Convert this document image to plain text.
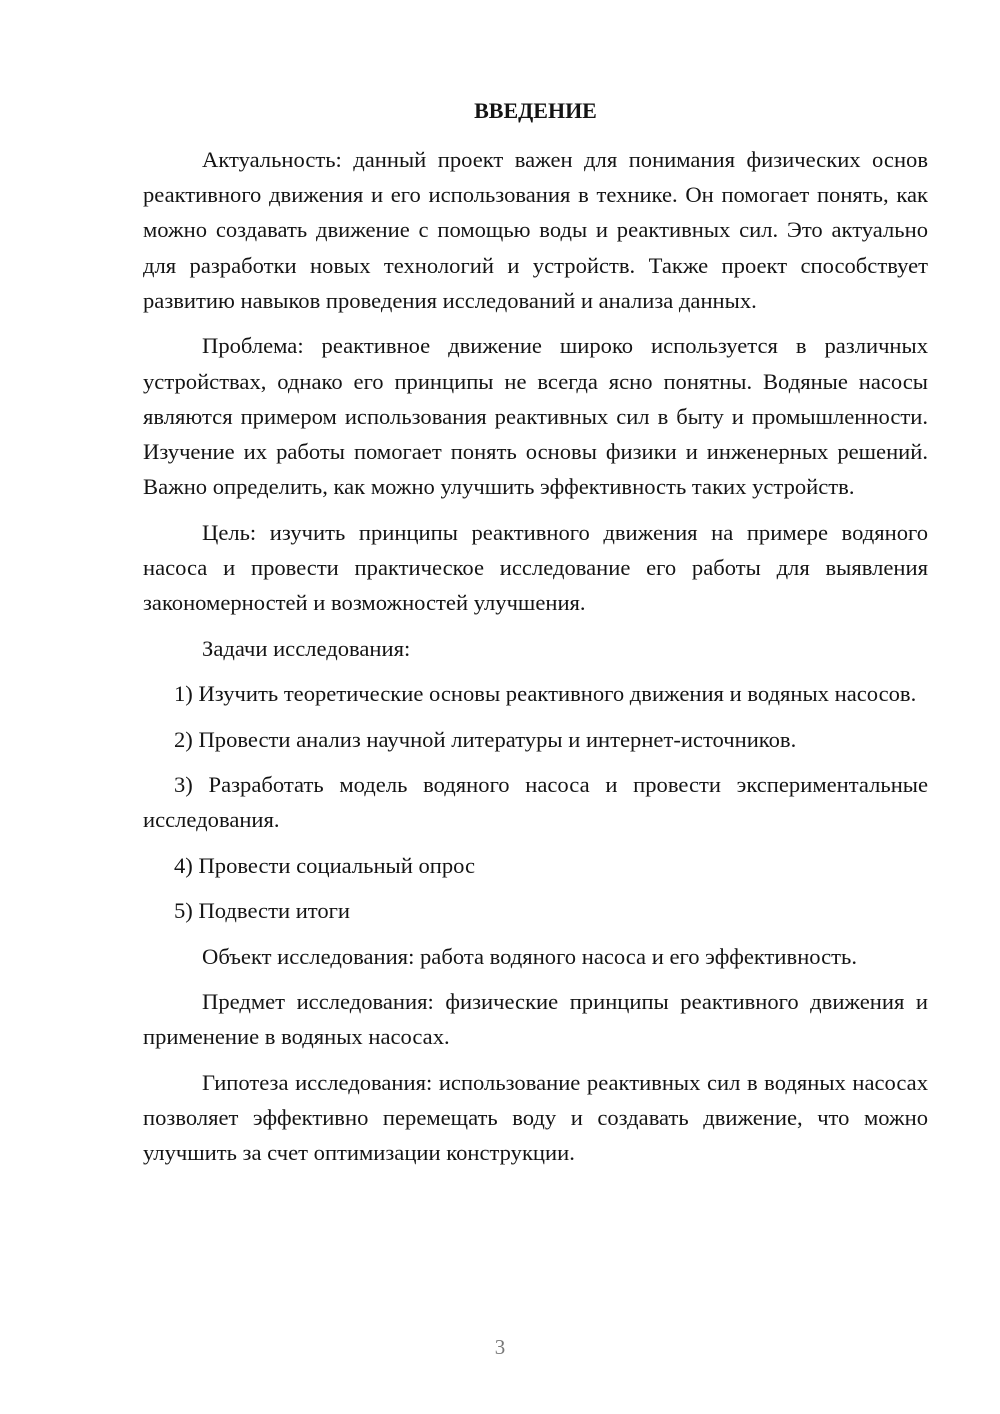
ВВЕДЕНИЕ

Актуальность: данный проект важен для понимания физических основ реактивного движения и его использования в технике. Он помогает понять, как можно создавать движение с помощью воды и реактивных сил. Это актуально для разработки новых технологий и устройств. Также проект способствует развитию навыков проведения исследований и анализа данных.

Проблема: реактивное движение широко используется в различных устройствах, однако его принципы не всегда ясно понятны. Водяные насосы являются примером использования реактивных сил в быту и промышленности. Изучение их работы помогает понять основы физики и инженерных решений. Важно определить, как можно улучшить эффективность таких устройств.

Цель: изучить принципы реактивного движения на примере водяного насоса и провести практическое исследование его работы для выявления закономерностей и возможностей улучшения.

Задачи исследования:

1) Изучить теоретические основы реактивного движения и водяных насосов.

2) Провести анализ научной литературы и интернет-источников.

3) Разработать модель водяного насоса и провести экспериментальные исследования.

4) Провести социальный опрос

5) Подвести итоги

Объект исследования: работа водяного насоса и его эффективность.

Предмет исследования: физические принципы реактивного движения и применение в водяных насосах.

Гипотеза исследования: использование реактивных сил в водяных насосах позволяет эффективно перемещать воду и создавать движение, что можно улучшить за счет оптимизации конструкции.

3
